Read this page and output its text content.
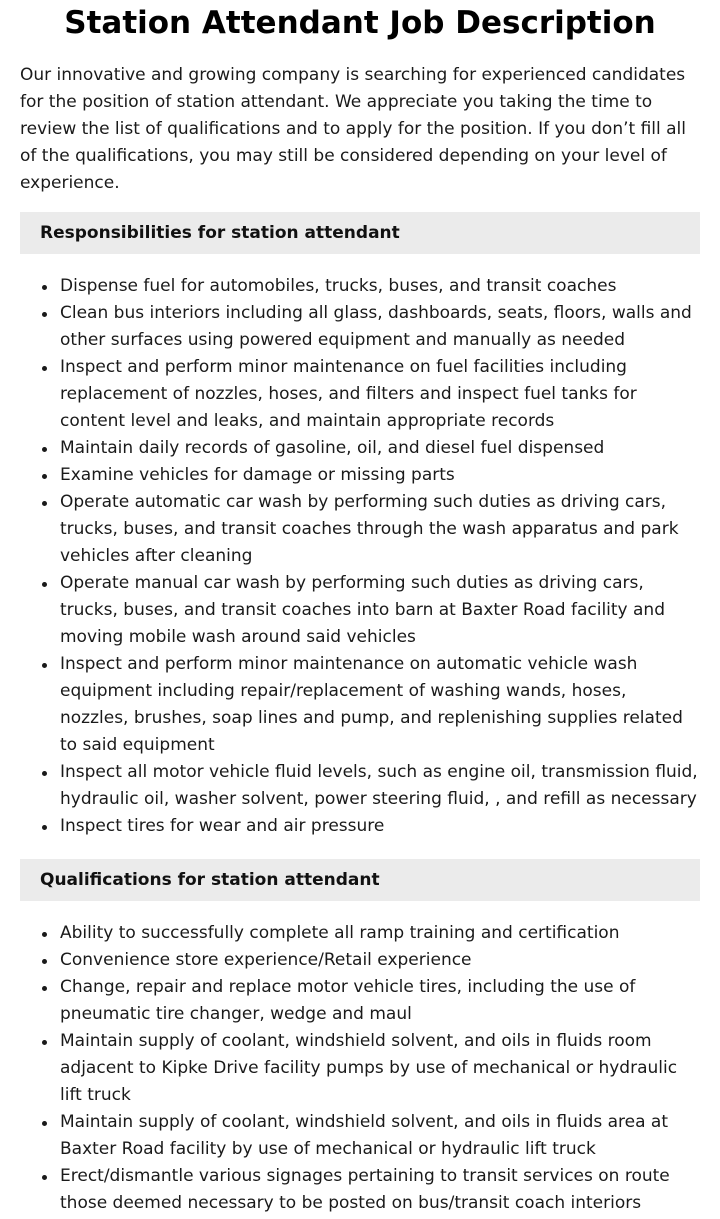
Station Attendant Job Description

Our innovative and growing company is searching for experienced candidates for the position of station attendant. We appreciate you taking the time to review the list of qualifications and to apply for the position. If you don’t fill all of the qualifications, you may still be considered depending on your level of experience.

Responsibilities for station attendant
Dispense fuel for automobiles, trucks, buses, and transit coaches
Clean bus interiors including all glass, dashboards, seats, floors, walls and other surfaces using powered equipment and manually as needed
Inspect and perform minor maintenance on fuel facilities including replacement of nozzles, hoses, and filters and inspect fuel tanks for content level and leaks, and maintain appropriate records
Maintain daily records of gasoline, oil, and diesel fuel dispensed
Examine vehicles for damage or missing parts
Operate automatic car wash by performing such duties as driving cars, trucks, buses, and transit coaches through the wash apparatus and park vehicles after cleaning
Operate manual car wash by performing such duties as driving cars, trucks, buses, and transit coaches into barn at Baxter Road facility and moving mobile wash around said vehicles
Inspect and perform minor maintenance on automatic vehicle wash equipment including repair/replacement of washing wands, hoses, nozzles, brushes, soap lines and pump, and replenishing supplies related to said equipment
Inspect all motor vehicle fluid levels, such as engine oil, transmission fluid, hydraulic oil, washer solvent, power steering fluid, , and refill as necessary
Inspect tires for wear and air pressure
Qualifications for station attendant
Ability to successfully complete all ramp training and certification
Convenience store experience/Retail experience
Change, repair and replace motor vehicle tires, including the use of pneumatic tire changer, wedge and maul
Maintain supply of coolant, windshield solvent, and oils in fluids room adjacent to Kipke Drive facility pumps by use of mechanical or hydraulic lift truck
Maintain supply of coolant, windshield solvent, and oils in fluids area at Baxter Road facility by use of mechanical or hydraulic lift truck
Erect/dismantle various signages pertaining to transit services on route those deemed necessary to be posted on bus/transit coach interiors
